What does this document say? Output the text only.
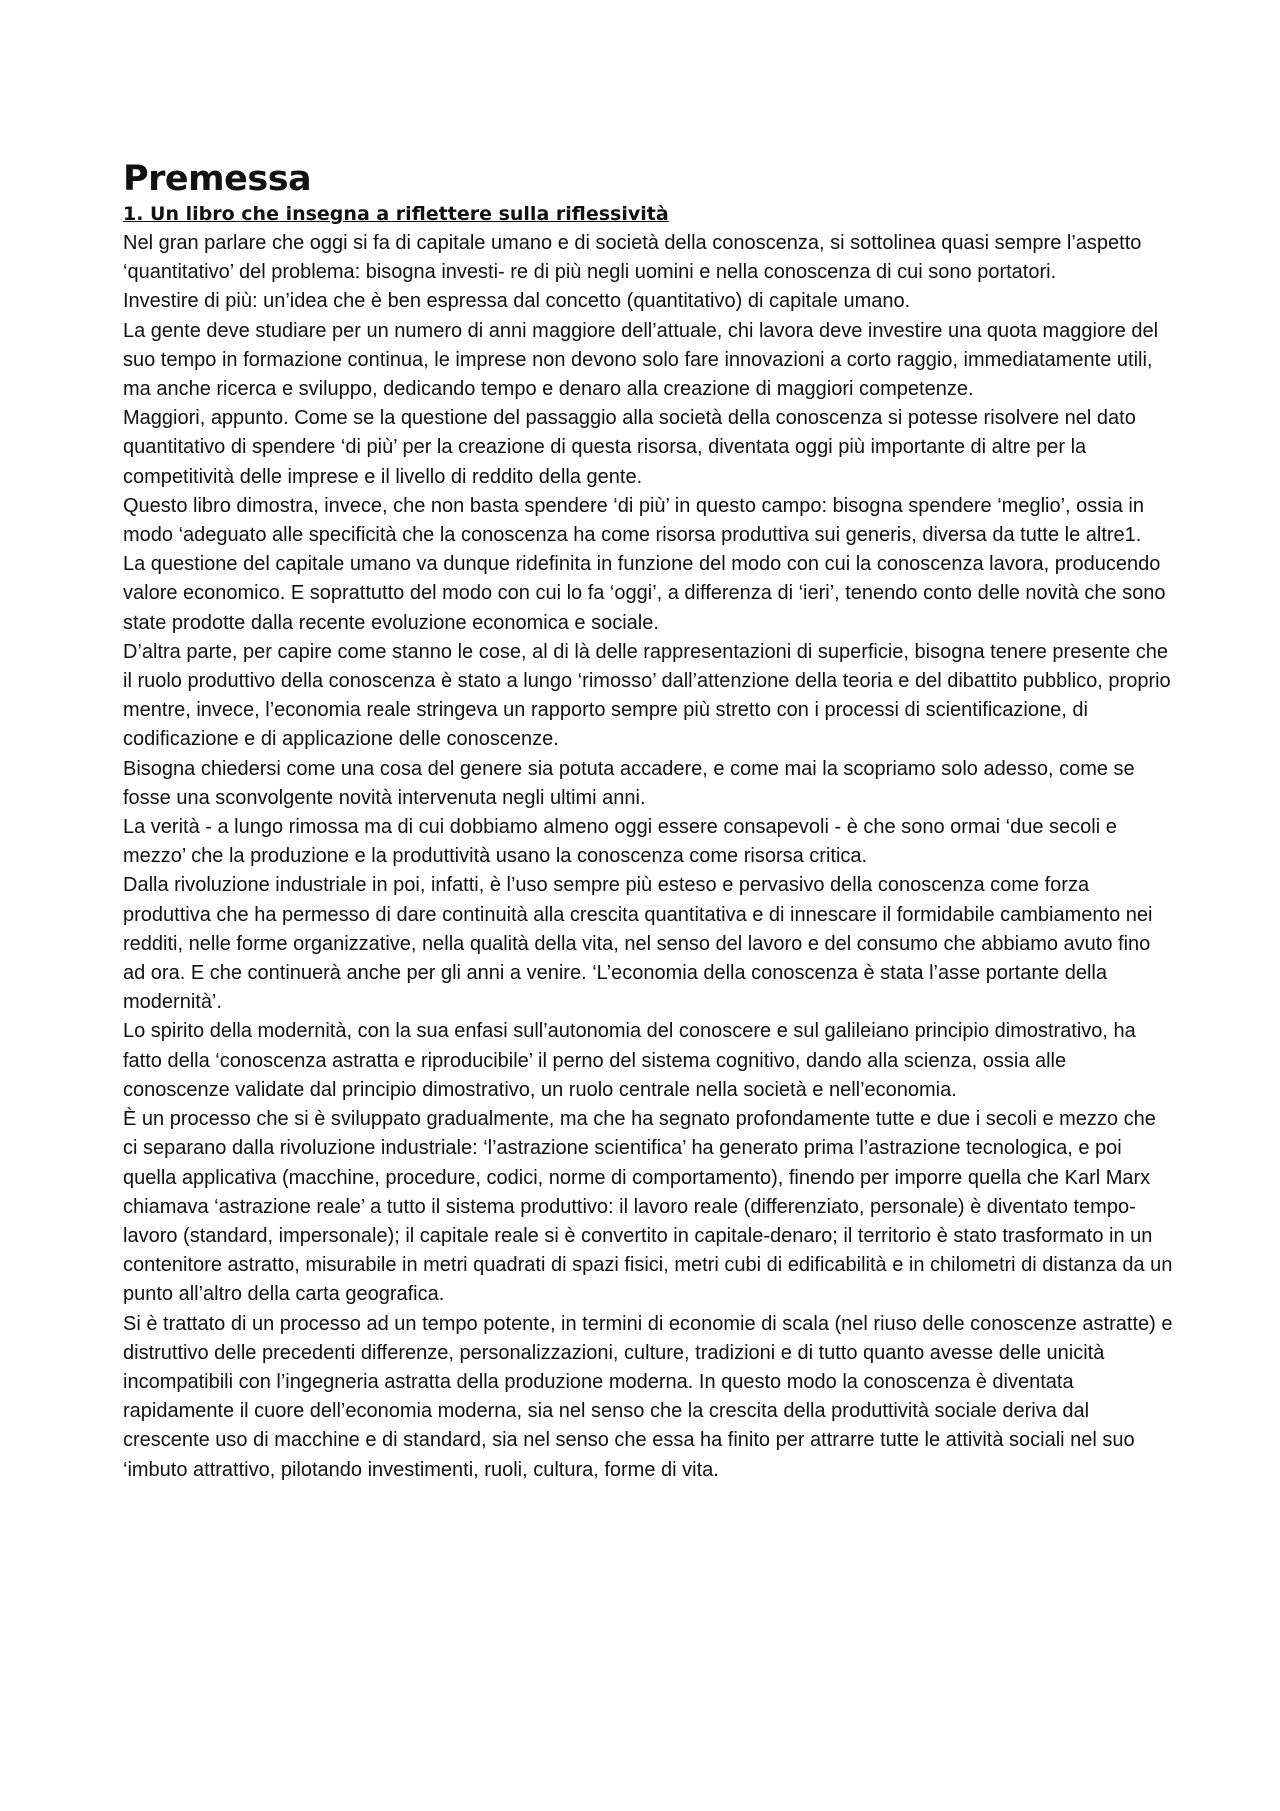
Premessa

1. Un libro che insegna a riflettere sulla riflessività

Nel gran parlare che oggi si fa di capitale umano e di società della conoscenza, si sottolinea quasi sempre l’aspetto ‘quantitativo’ del problema: bisogna investi- re di più negli uomini e nella conoscenza di cui sono portatori.

Investire di più: un’idea che è ben espressa dal concetto (quantitativo) di capitale umano.

La gente deve studiare per un numero di anni maggiore dell’attuale, chi lavora deve investire una quota maggiore del suo tempo in formazione continua, le imprese non devono solo fare innovazioni a corto raggio, immediatamente utili, ma anche ricerca e sviluppo, dedicando tempo e denaro alla creazione di maggiori competenze.

Maggiori, appunto. Come se la questione del passaggio alla società della conoscenza si potesse risolvere nel dato quantitativo di spendere ‘di più’ per la creazione di questa risorsa, diventata oggi più importante di altre per la competitività delle imprese e il livello di reddito della gente.

Questo libro dimostra, invece, che non basta spendere ‘di più’ in questo campo: bisogna spendere ‘meglio’, ossia in modo ‘adeguato alle specificità che la conoscenza ha come risorsa produttiva sui generis, diversa da tutte le altre1.

La questione del capitale umano va dunque ridefinita in funzione del modo con cui la conoscenza lavora, producendo valore economico. E soprattutto del modo con cui lo fa ‘oggi’, a differenza di ‘ieri’, tenendo conto delle novità che sono state prodotte dalla recente evoluzione economica e sociale.

D’altra parte, per capire come stanno le cose, al di là delle rappresentazioni di superficie, bisogna tenere presente che il ruolo produttivo della conoscenza è stato a lungo ‘rimosso’ dall’attenzione della teoria e del dibattito pubblico, proprio mentre, invece, l’economia reale stringeva un rapporto sempre più stretto con i processi di scientificazione, di codificazione e di applicazione delle conoscenze.

Bisogna chiedersi come una cosa del genere sia potuta accadere, e come mai la scopriamo solo adesso, come se fosse una sconvolgente novità intervenuta negli ultimi anni.

La verità - a lungo rimossa ma di cui dobbiamo almeno oggi essere consapevoli - è che sono ormai ‘due secoli e mezzo’ che la produzione e la produttività usano la conoscenza come risorsa critica.

Dalla rivoluzione industriale in poi, infatti, è l’uso sempre più esteso e pervasivo della conoscenza come forza produttiva che ha permesso di dare continuità alla crescita quantitativa e di innescare il formidabile cambiamento nei redditi, nelle forme organizzative, nella qualità della vita, nel senso del lavoro e del consumo che abbiamo avuto fino ad ora. E che continuerà anche per gli anni a venire. ‘L’economia della conoscenza è stata l’asse portante della modernità’.

Lo spirito della modernità, con la sua enfasi sull’autonomia del conoscere e sul galileiano principio dimostrativo, ha fatto della ‘conoscenza astratta e riproducibile’ il perno del sistema cognitivo, dando alla scienza, ossia alle conoscenze validate dal principio dimostrativo, un ruolo centrale nella società e nell’economia.

È un processo che si è sviluppato gradualmente, ma che ha segnato profondamente tutte e due i secoli e mezzo che ci separano dalla rivoluzione industriale: ‘l’astrazione scientifica’ ha generato prima l’astrazione tecnologica, e poi quella applicativa (macchine, procedure, codici, norme di comportamento), finendo per imporre quella che Karl Marx chiamava ‘astrazione reale’ a tutto il sistema produttivo: il lavoro reale (differenziato, personale) è diventato tempo-lavoro (standard, impersonale); il capitale reale si è convertito in capitale-denaro; il territorio è stato trasformato in un contenitore astratto, misurabile in metri quadrati di spazi fisici, metri cubi di edificabilità e in chilometri di distanza da un punto all’altro della carta geografica.

Si è trattato di un processo ad un tempo potente, in termini di economie di scala (nel riuso delle conoscenze astratte) e distruttivo delle precedenti differenze, personalizzazioni, culture, tradizioni e di tutto quanto avesse delle unicità incompatibili con l’ingegneria astratta della produzione moderna. In questo modo la conoscenza è diventata rapidamente il cuore dell’economia moderna, sia nel senso che la crescita della produttività sociale deriva dal crescente uso di macchine e di standard, sia nel senso che essa ha finito per attrarre tutte le attività sociali nel suo ‘imbuto attrattivo, pilotando investimenti, ruoli, cultura, forme di vita.
